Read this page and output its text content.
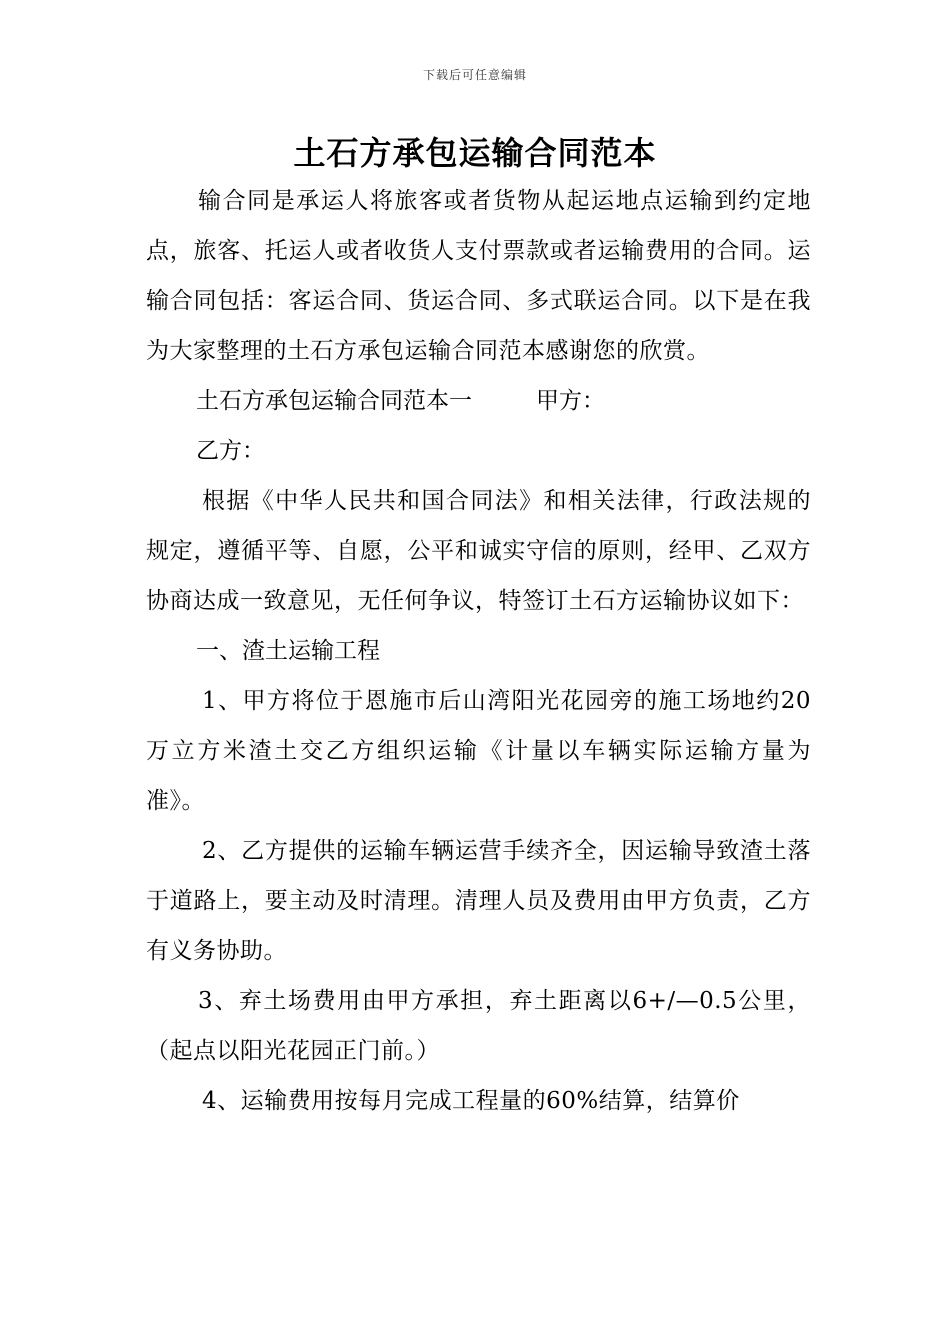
下载后可任意编辑
土石方承包运输合同范本

输合同是承运人将旅客或者货物从起运地点运输到约定地点，旅客、托运人或者收货人支付票款或者运输费用的合同。运输合同包括：客运合同、货运合同、多式联运合同。以下是在我为大家整理的土石方承包运输合同范本感谢您的欣赏。

土石方承包运输合同范本一	甲方：

乙方：

根据《中华人民共和国合同法》和相关法律，行政法规的规定，遵循平等、自愿，公平和诚实守信的原则，经甲、乙双方协商达成一致意见，无任何争议，特签订土石方运输协议如下：

一、渣土运输工程

1、甲方将位于恩施市后山湾阳光花园旁的施工场地约20万立方米渣土交乙方组织运输《计量以车辆实际运输方量为准》。

2、乙方提供的运输车辆运营手续齐全，因运输导致渣土落于道路上，要主动及时清理。清理人员及费用由甲方负责，乙方有义务协助。

3、弃土场费用由甲方承担，弃土距离以6+/—0.5公里，（起点以阳光花园正门前。）

4、运输费用按每月完成工程量的60%结算，结算价
